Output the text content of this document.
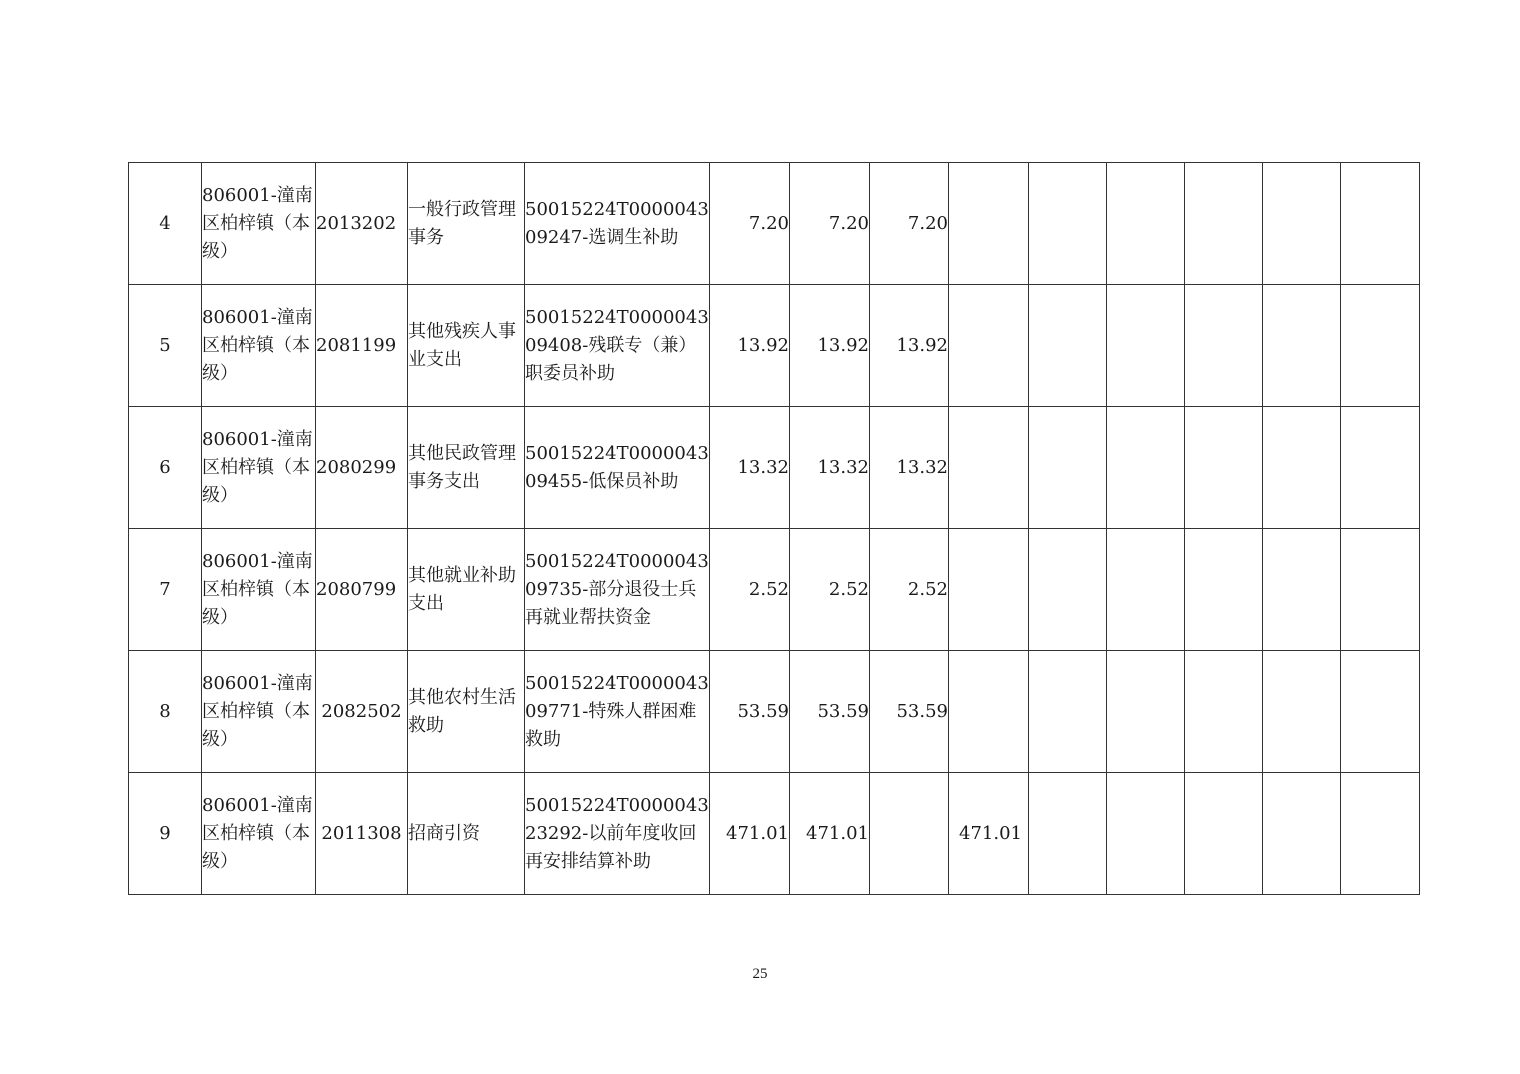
4	806001-潼南区柏梓镇（本级）	2013202	一般行政管理事务	50015224T000004309247-选调生补助	7.20	7.20	7.20						
5	806001-潼南区柏梓镇（本级）	2081199	其他残疾人事业支出	50015224T000004309408-残联专（兼）职委员补助	13.92	13.92	13.92						
6	806001-潼南区柏梓镇（本级）	2080299	其他民政管理事务支出	50015224T000004309455-低保员补助	13.32	13.32	13.32						
7	806001-潼南区柏梓镇（本级）	2080799	其他就业补助支出	50015224T000004309735-部分退役士兵再就业帮扶资金	2.52	2.52	2.52						
8	806001-潼南区柏梓镇（本级）	2082502	其他农村生活救助	50015224T000004309771-特殊人群困难救助	53.59	53.59	53.59						
9	806001-潼南区柏梓镇（本级）	2011308	招商引资	50015224T000004323292-以前年度收回再安排结算补助	471.01	471.01		471.01					
25
